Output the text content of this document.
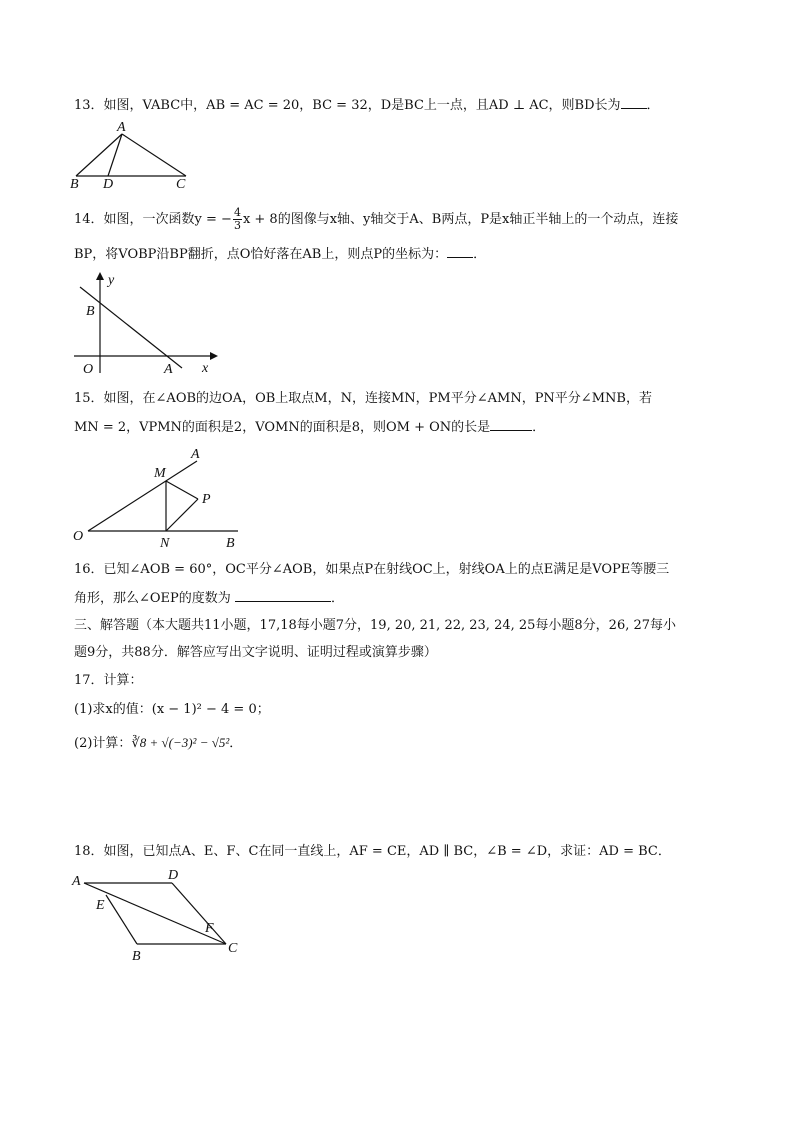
13．如图，VABC中，AB = AC = 20，BC = 32，D是BC上一点，且AD ⊥ AC，则BD长为 ．
A
B D	C
14．如图，一次函数y = − $\frac{4}{3}$ x + 8的图像与x轴、y轴交于A、B两点，P是x轴正半轴上的一个动点，连接
BP，将VOBP沿BP翻折，点O恰好落在AB上，则点P的坐标为： ．
y
B
O	A x
15．如图，在∠AOB的边OA，OB上取点M，N，连接MN，PM平分∠AMN，PN平分∠MNB，若
MN = 2，VPMN的面积是2，VOMN的面积是8，则OM + ON的长是	．
A
M
P
O	N	B
16．已知∠AOB = 60°，OC平分∠AOB，如果点P在射线OC上，射线OA上的点E满足是VOPE等腰三
角形，那么∠OEP的度数为	．
三、解答题（本大题共11小题，17,18每小题7分，19, 20, 21, 22, 23, 24, 25每小题8分，26, 27每小
题9分，共88分．解答应写出文字说明、证明过程或演算步骤）
17．计算：
(1)求x的值：(x − 1)² − 4 = 0；
(2)计算：∛8 + √(−3)² − √5²．
18．如图，已知点A、E、F、C在同一直线上，AF = CE，AD ∥ BC，∠B = ∠D，求证：AD = BC．
A	D
E
F
C
B
